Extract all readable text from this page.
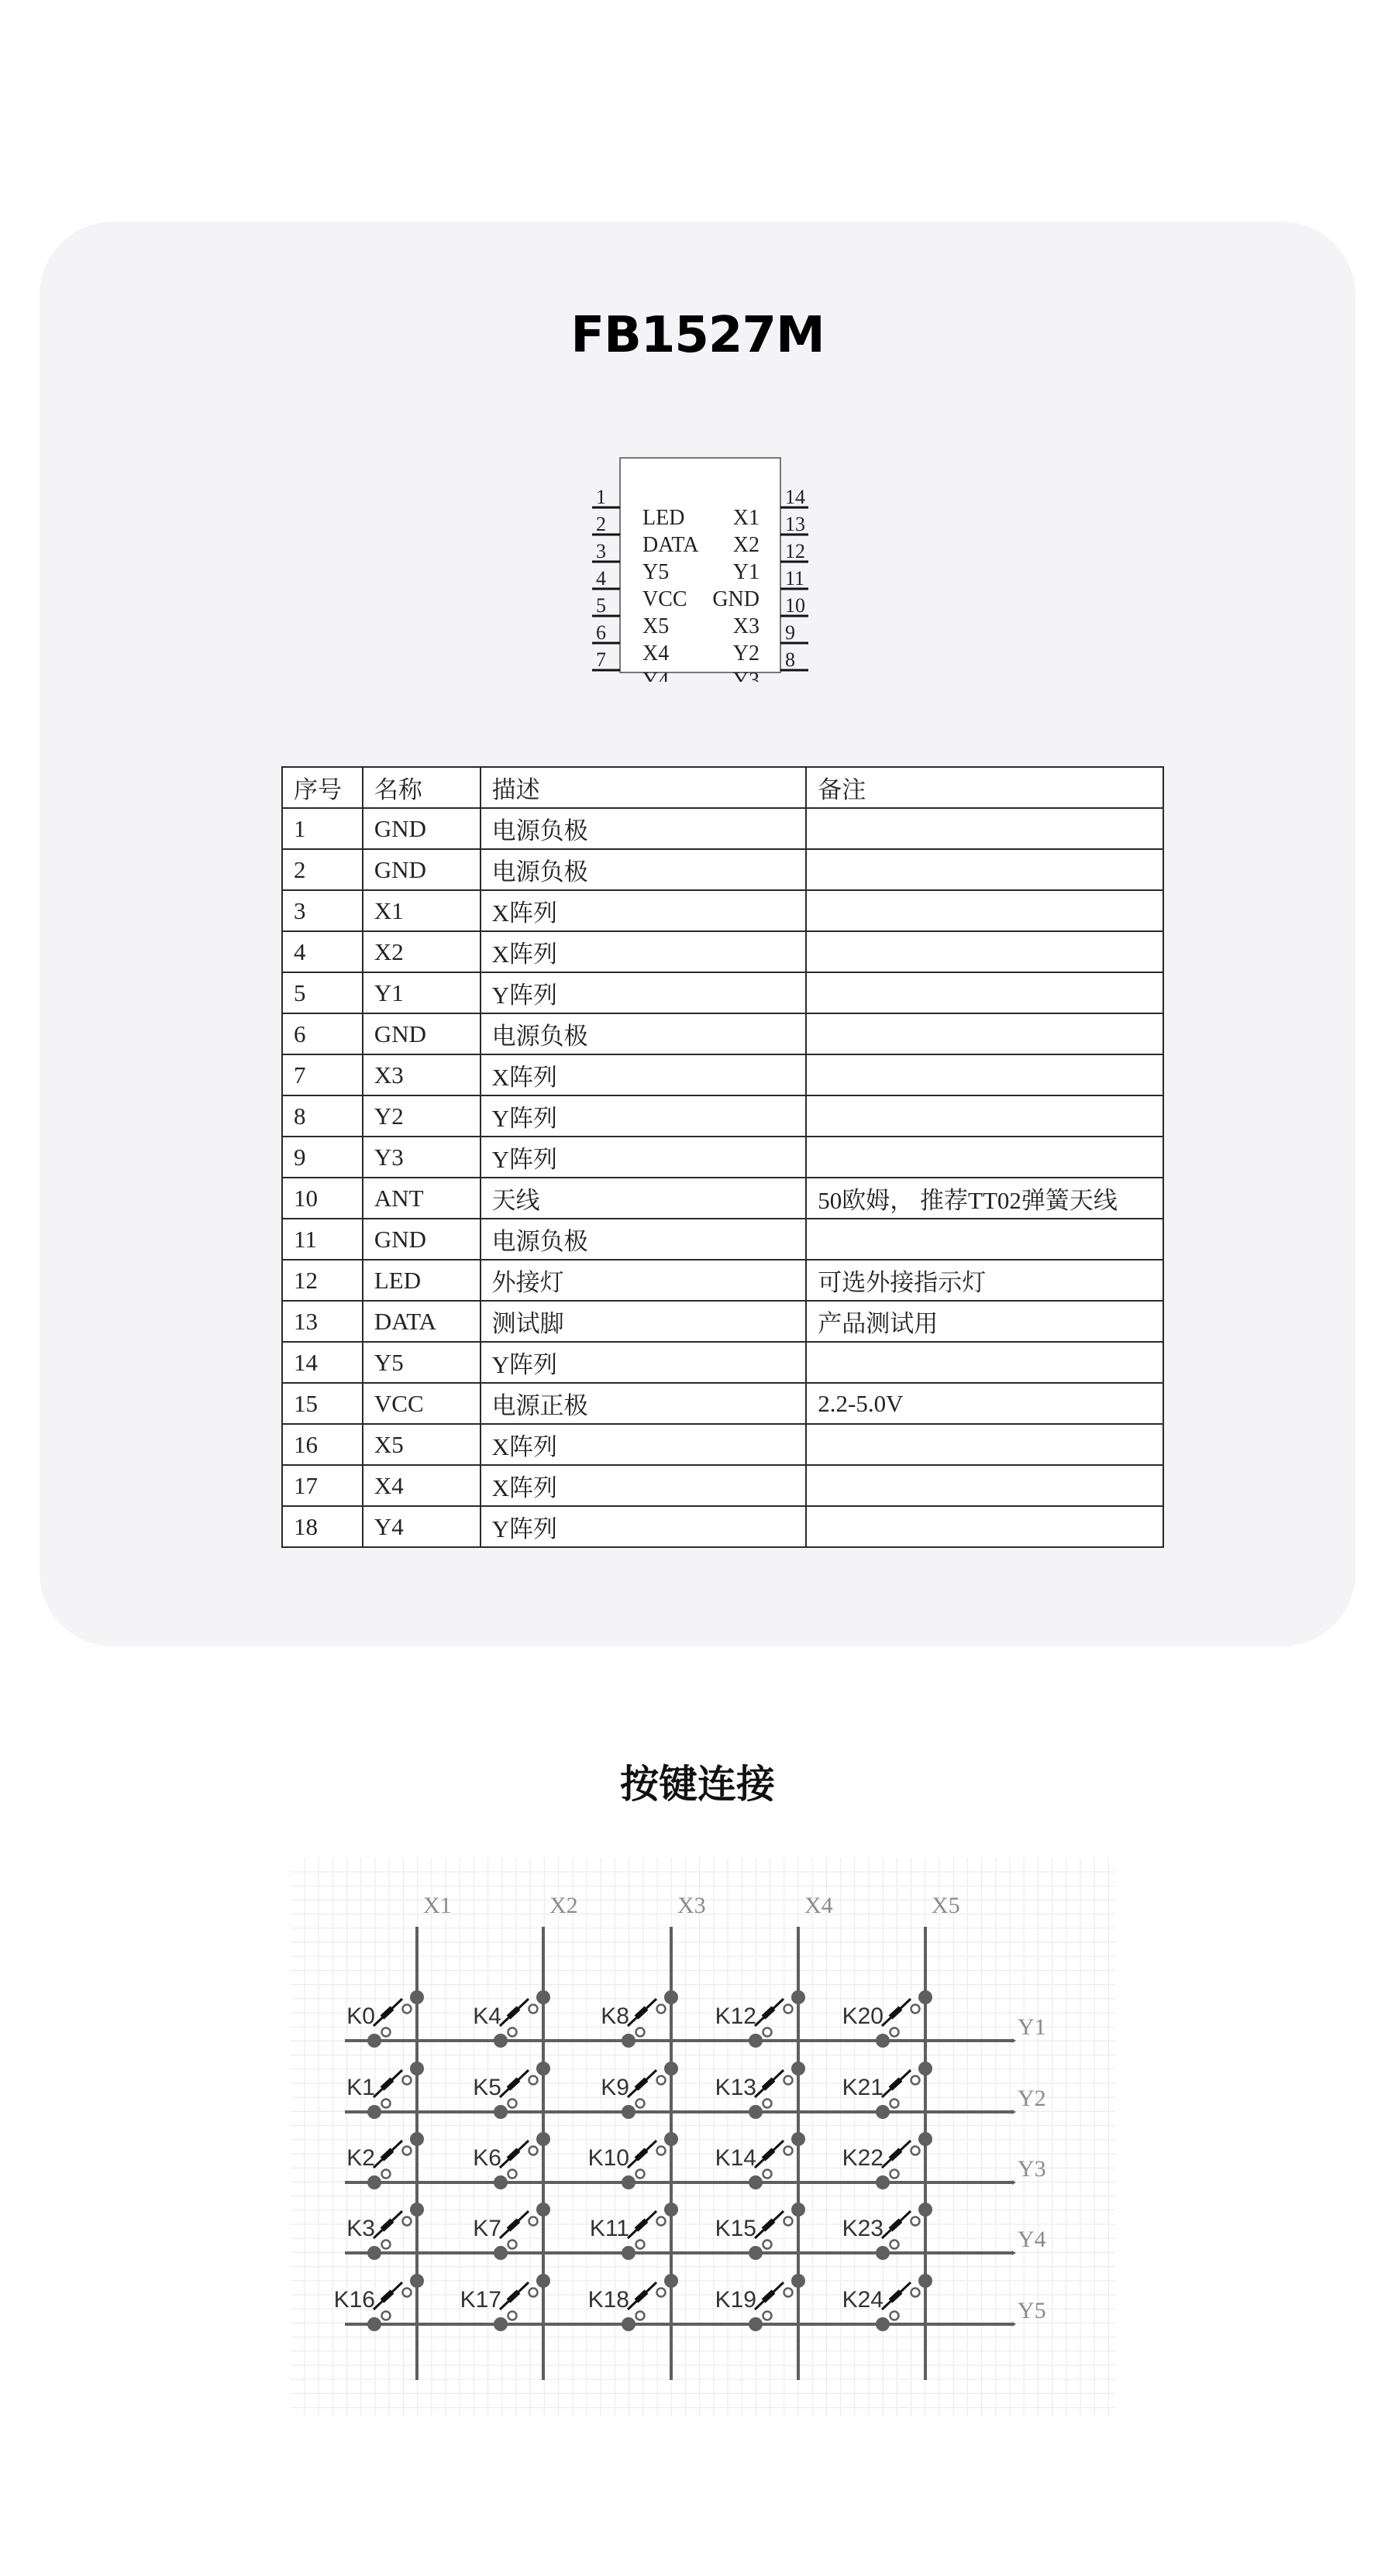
FB1527M
1
LED
2
DATA
3
Y5
4
VCC
5
X5
6
X4
7
Y4
14
X1 13
X2 12
Y1 11
GND 10
X3 9
Y2 8
Y3
序号	名称	描述	备注
1	GND	电源负极	
2	GND	电源负极	
3	X1	X阵列	
4	X2	X阵列	
5	Y1	Y阵列	
6	GND	电源负极	
7	X3	X阵列	
8	Y2	Y阵列	
9	Y3	Y阵列	
10	ANT	天线	50欧姆， 推荐TT02弹簧天线
11	GND	电源负极	
12	LED	外接灯	可选外接指示灯
13	DATA	测试脚	产品测试用
14	Y5	Y阵列	
15	VCC	电源正极	2.2-5.0V
16	X5	X阵列	
17	X4	X阵列	
18	Y4	Y阵列	
按键连接
X1	X2	X3	X4	X5
Y1
Y2
Y3
Y4
Y5
K0	K4	K8	K12	K20
K1	K5	K9	K13	K21
K2	K6	K10	K14	K22
K3	K7	K11	K15	K23
K16	K17	K18	K19	K24
